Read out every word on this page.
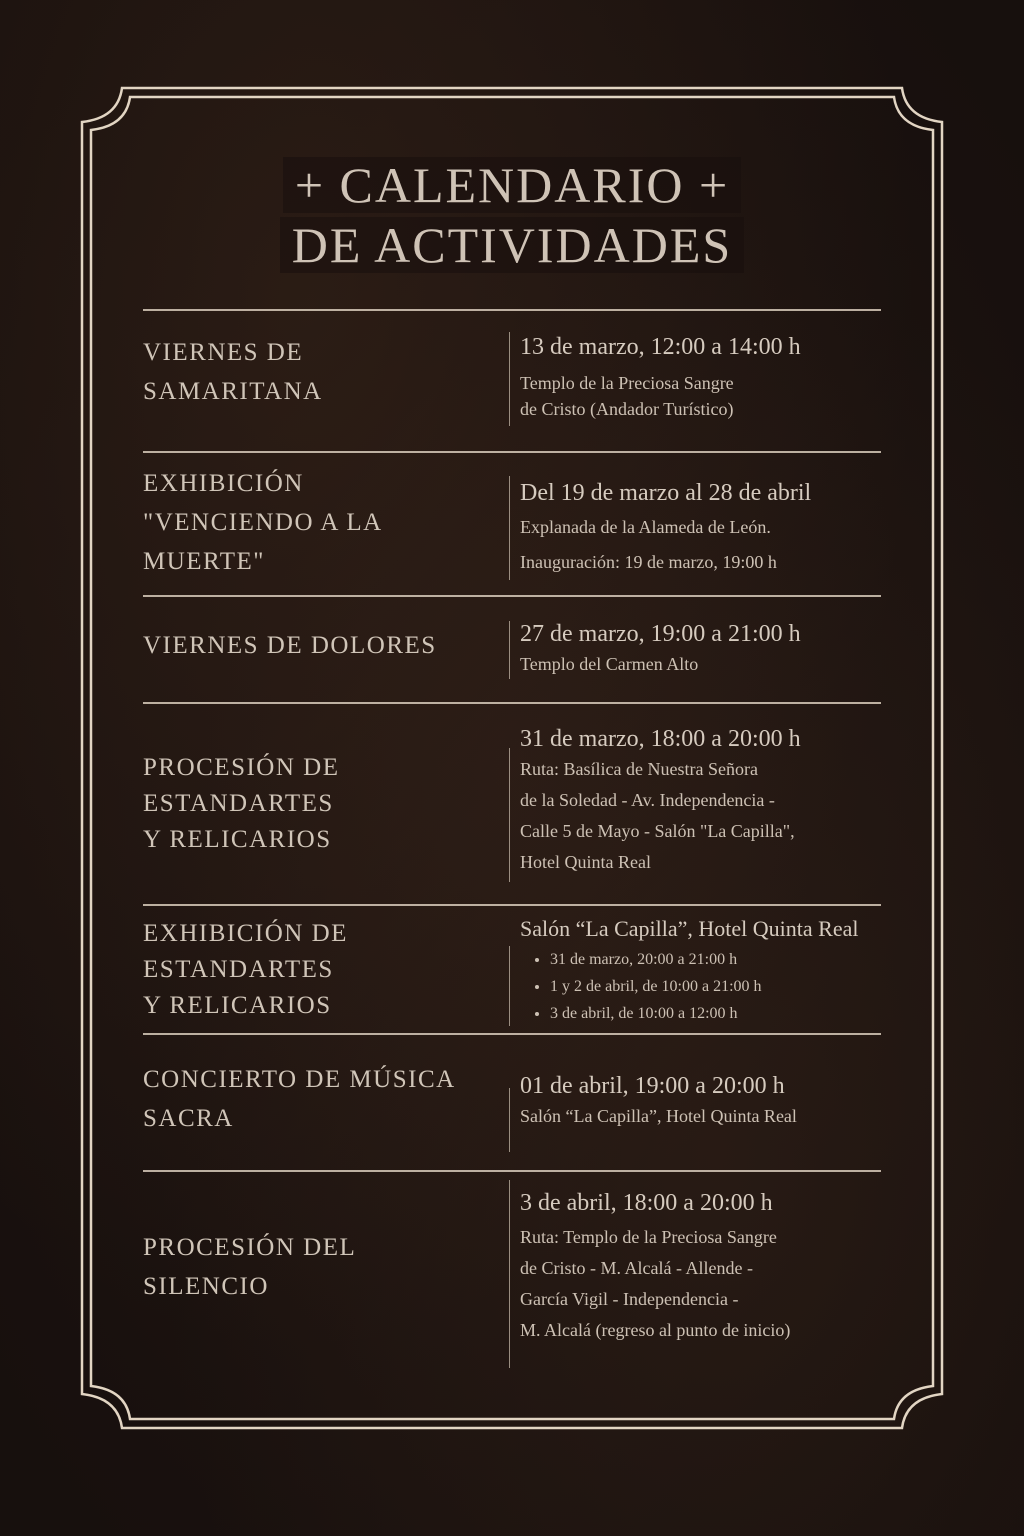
+ CALENDARIO +
DE ACTIVIDADES
VIERNES DE
SAMARITANA
13 de marzo, 12:00 a 14:00 h
Templo de la Preciosa Sangre
de Cristo (Andador Turístico)
EXHIBICIÓN
"VENCIENDO A LA
MUERTE"
Del 19 de marzo al 28 de abril
Explanada de la Alameda de León.
Inauguración: 19 de marzo, 19:00 h
VIERNES DE DOLORES	27 de marzo, 19:00 a 21:00 h
Templo del Carmen Alto
PROCESIÓN DE
ESTANDARTES
Y RELICARIOS
31 de marzo, 18:00 a 20:00 h
Ruta: Basílica de Nuestra Señora
de la Soledad - Av. Independencia -
Calle 5 de Mayo - Salón "La Capilla",
Hotel Quinta Real
EXHIBICIÓN DE
ESTANDARTES
Y RELICARIOS
Salón “La Capilla”, Hotel Quinta Real
• 31 de marzo, 20:00 a 21:00 h
• 1 y 2 de abril, de 10:00 a 21:00 h
• 3 de abril, de 10:00 a 12:00 h
CONCIERTO DE MÚSICA
SACRA
01 de abril, 19:00 a 20:00 h
Salón “La Capilla”, Hotel Quinta Real
PROCESIÓN DEL
SILENCIO
3 de abril, 18:00 a 20:00 h
Ruta: Templo de la Preciosa Sangre
de Cristo - M. Alcalá - Allende -
García Vigil - Independencia -
M. Alcalá (regreso al punto de inicio)
